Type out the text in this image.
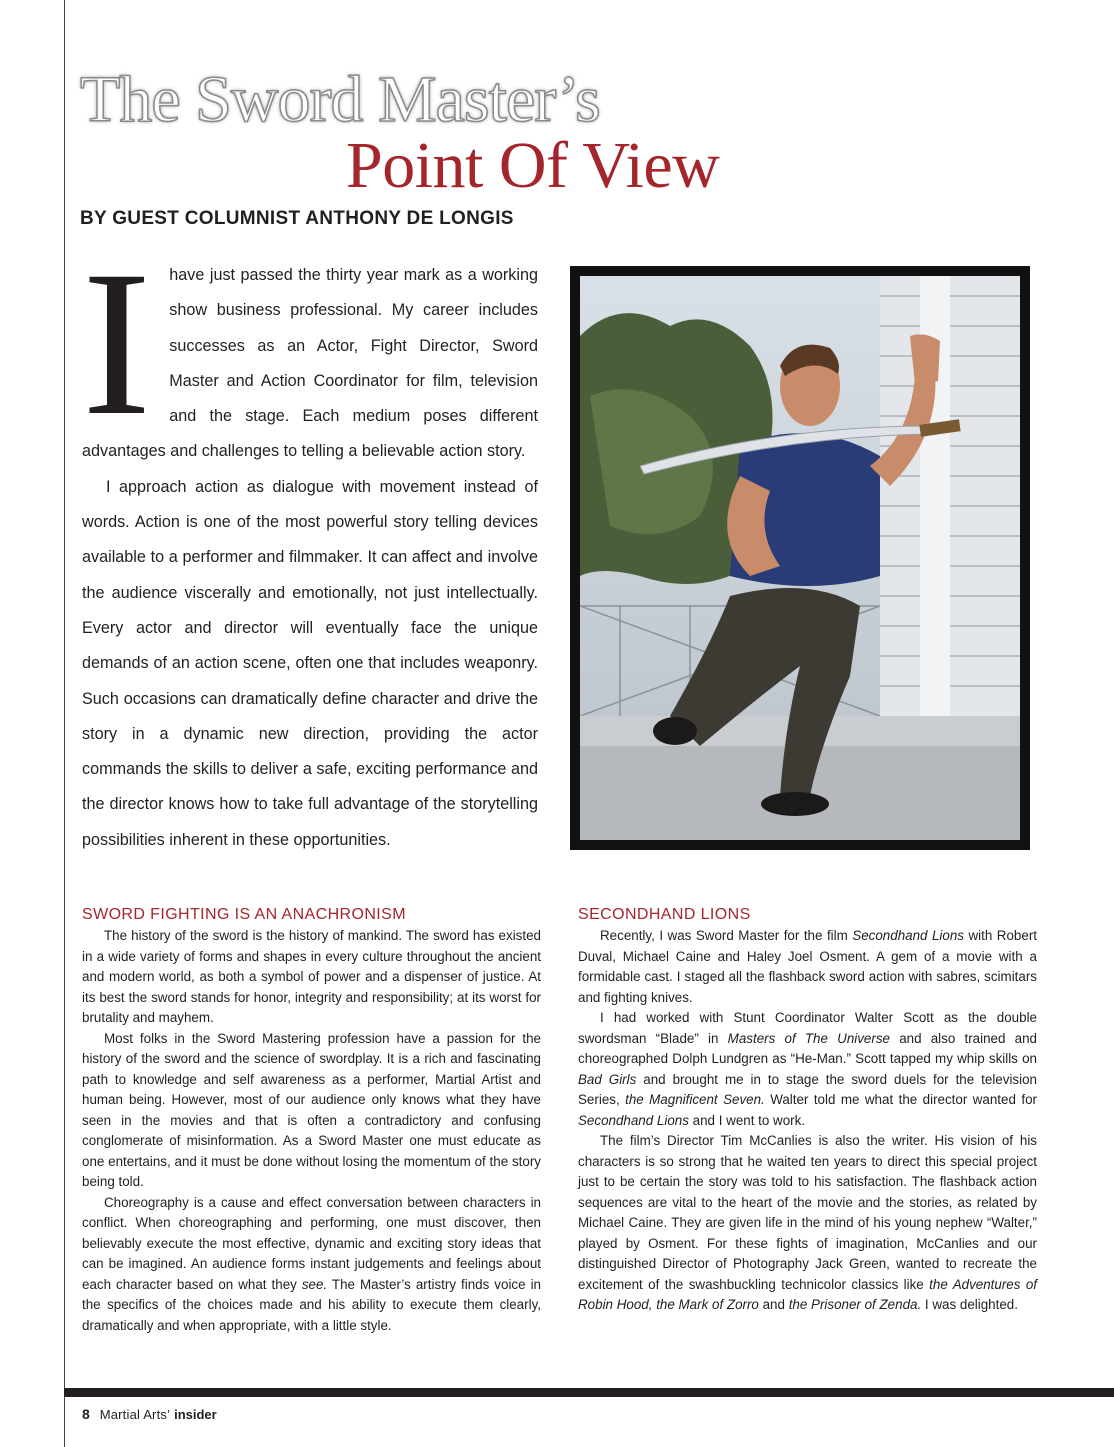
The Sword Master’s
Point Of View
BY GUEST COLUMNIST ANTHONY DE LONGIS

I have just passed the thirty year mark as a working show business professional. My career includes successes as an Actor, Fight Director, Sword Master and Action Coordinator for film, television and the stage. Each medium poses different advantages and challenges to telling a believable action story.

I approach action as dialogue with movement instead of words. Action is one of the most powerful story telling devices available to a performer and filmmaker. It can affect and involve the audience viscerally and emotionally, not just intellectually. Every actor and director will eventually face the unique demands of an action scene, often one that includes weaponry. Such occasions can dramatically define character and drive the story in a dynamic new direction, providing the actor commands the skills to deliver a safe, exciting performance and the director knows how to take full advantage of the storytelling possibilities inherent in these opportunities.

SWORD FIGHTING IS AN ANACHRONISM

The history of the sword is the history of mankind. The sword has existed in a wide variety of forms and shapes in every culture throughout the ancient and modern world, as both a symbol of power and a dispenser of justice. At its best the sword stands for honor, integrity and responsibility; at its worst for brutality and mayhem.

Most folks in the Sword Mastering profession have a passion for the history of the sword and the science of swordplay. It is a rich and fascinating path to knowledge and self awareness as a performer, Martial Artist and human being. However, most of our audience only knows what they have seen in the movies and that is often a contradictory and confusing conglomerate of misinformation. As a Sword Master one must educate as one entertains, and it must be done without losing the momentum of the story being told.

Choreography is a cause and effect conversation between characters in conflict. When choreographing and performing, one must discover, then believably execute the most effective, dynamic and exciting story ideas that can be imagined. An audience forms instant judgements and feelings about each character based on what they see. The Master’s artistry finds voice in the specifics of the choices made and his ability to execute them clearly, dramatically and when appropriate, with a little style.

SECONDHAND LIONS

Recently, I was Sword Master for the film Secondhand Lions with Robert Duval, Michael Caine and Haley Joel Osment. A gem of a movie with a formidable cast. I staged all the flashback sword action with sabres, scimitars and fighting knives.

I had worked with Stunt Coordinator Walter Scott as the double swordsman “Blade” in Masters of The Universe and also trained and choreographed Dolph Lundgren as “He-Man.” Scott tapped my whip skills on Bad Girls and brought me in to stage the sword duels for the television Series, the Magnificent Seven. Walter told me what the director wanted for Secondhand Lions and I went to work.

The film’s Director Tim McCanlies is also the writer. His vision of his characters is so strong that he waited ten years to direct this special project just to be certain the story was told to his satisfaction. The flashback action sequences are vital to the heart of the movie and the stories, as related by Michael Caine. They are given life in the mind of his young nephew “Walter,” played by Osment. For these fights of imagination, McCanlies and our distinguished Director of Photography Jack Green, wanted to recreate the excitement of the swashbuckling technicolor classics like the Adventures of Robin Hood, the Mark of Zorro and the Prisoner of Zenda. I was delighted.

8 Martial Arts’ insider
